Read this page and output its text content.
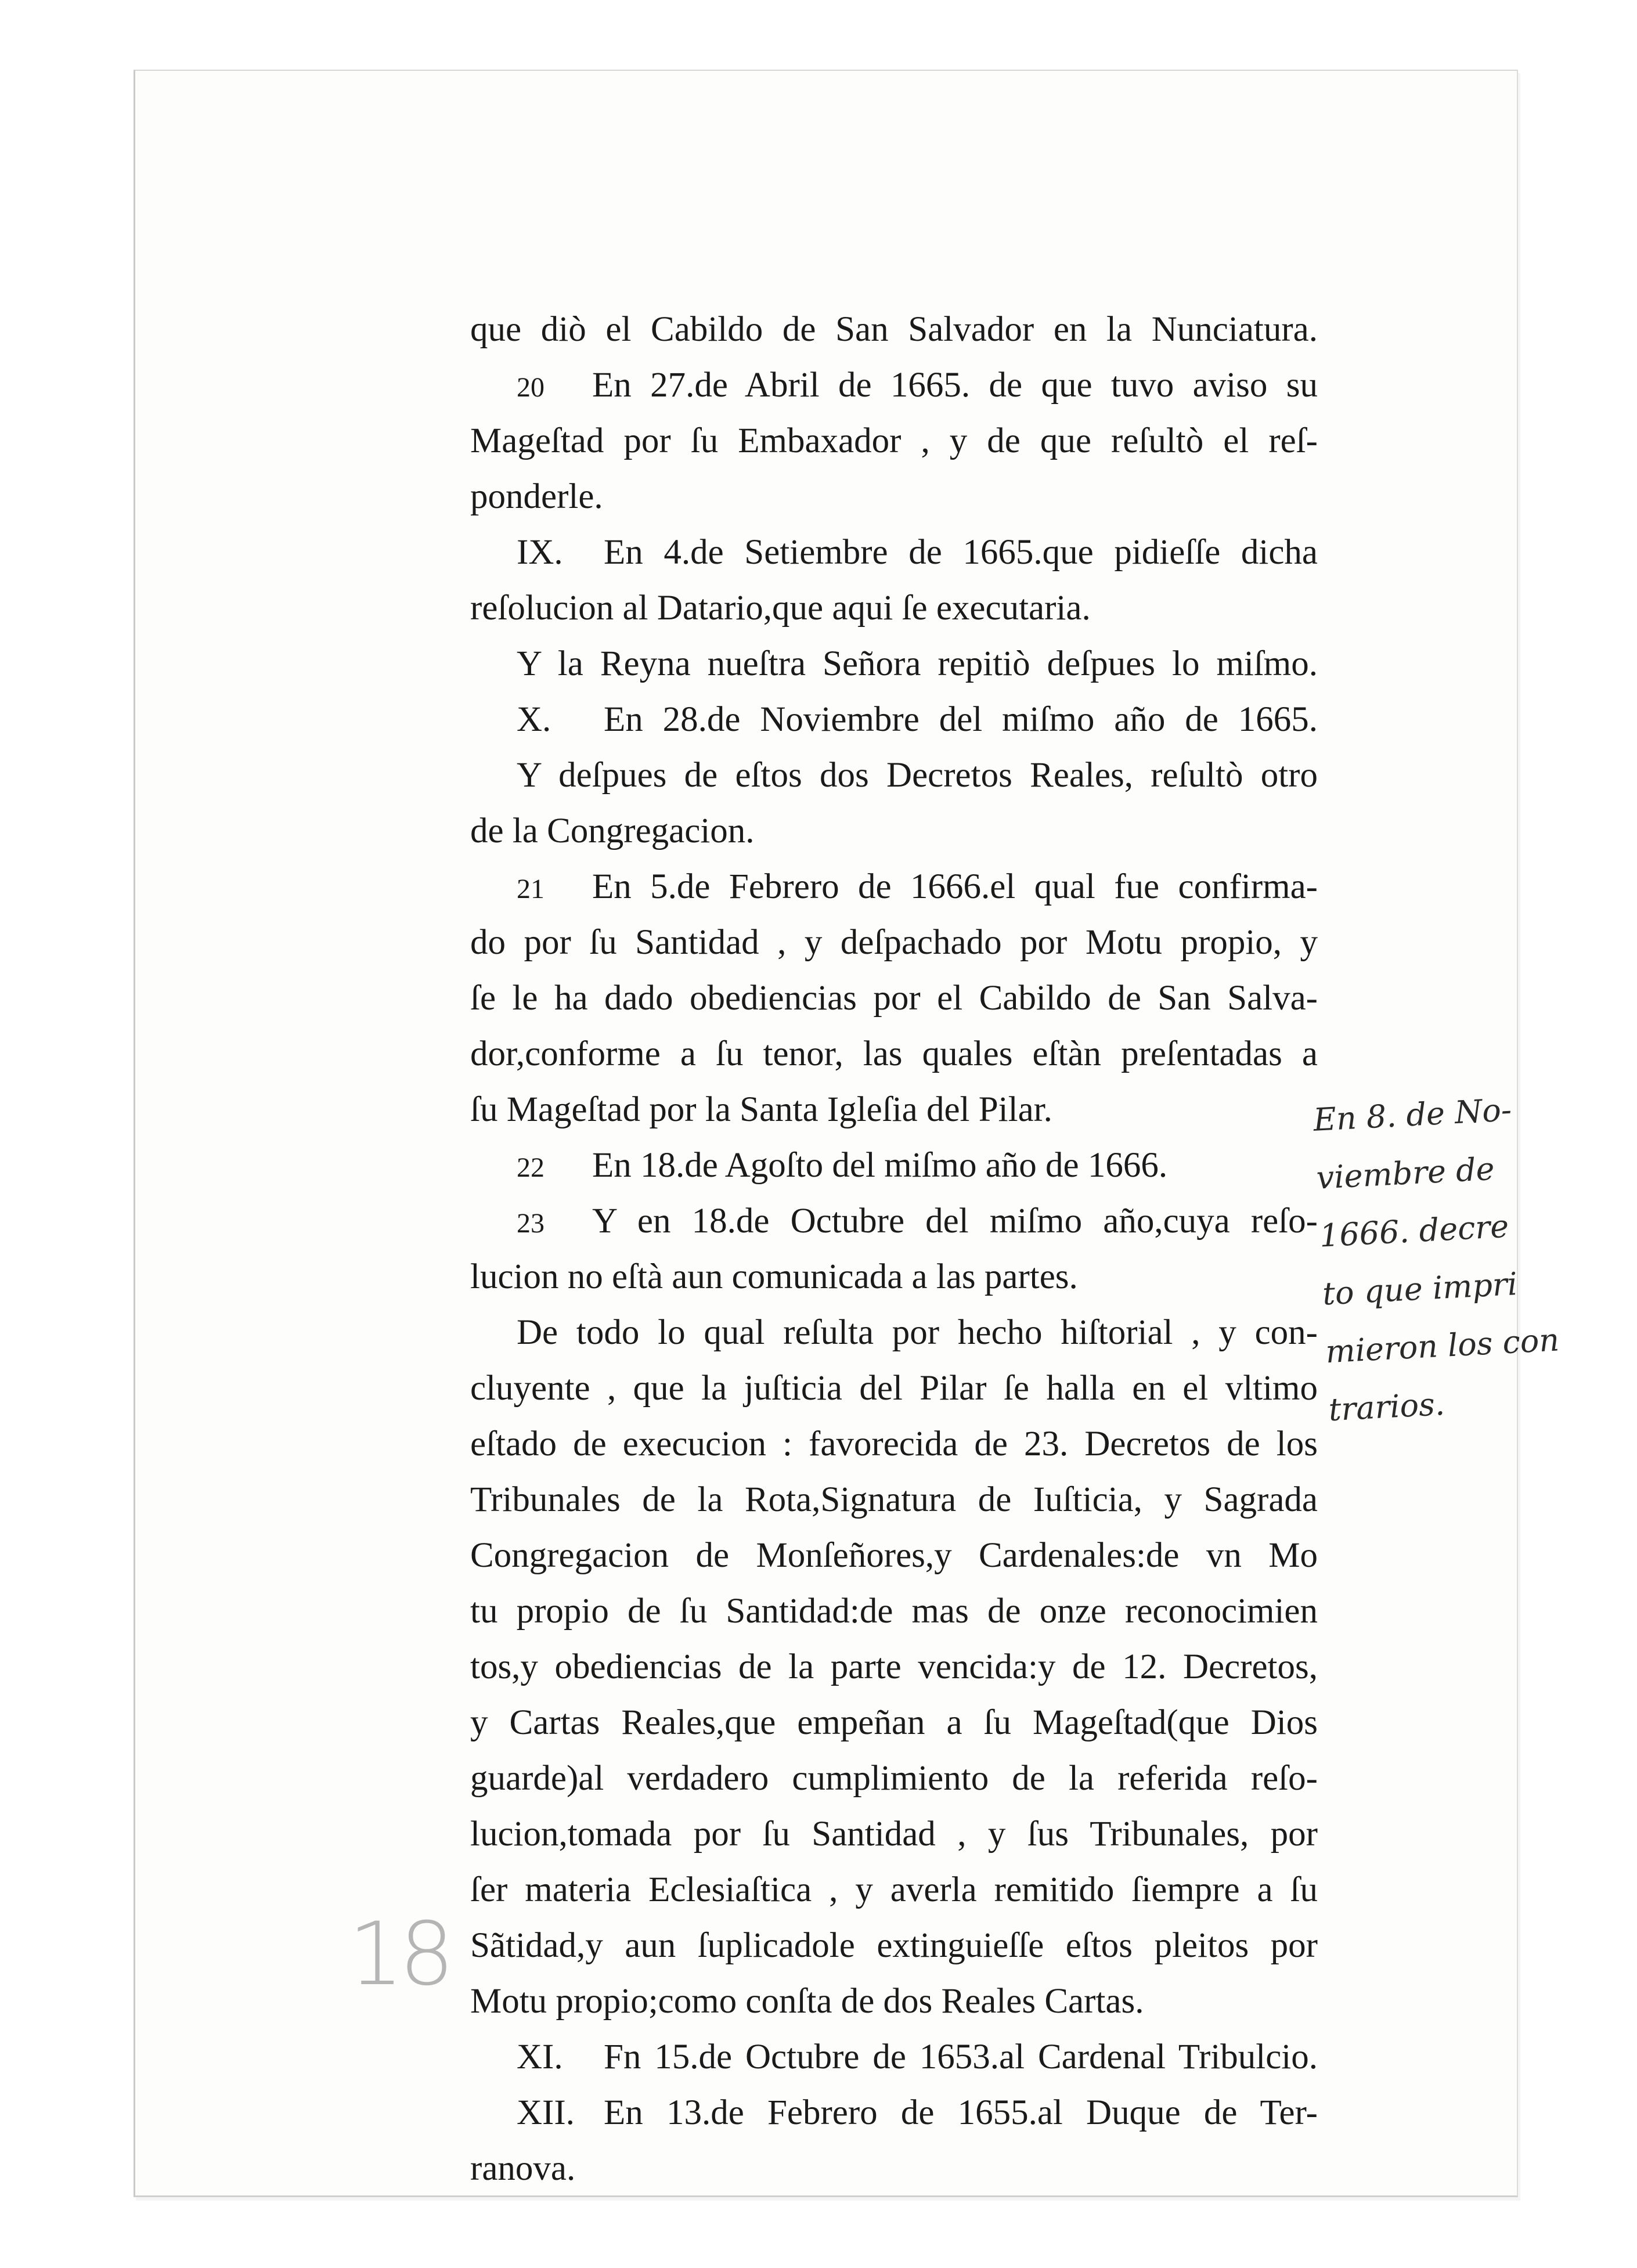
que diò el Cabildo de San Salvador en la Nunciatura.
20 En 27.de Abril de 1665. de que tuvo aviso su
Mageſtad por ſu Embaxador , y de que reſultò el reſ-
ponderle.
IX. En 4.de Setiembre de 1665.que pidieſſe dicha
reſolucion al Datario,que aqui ſe executaria.
Y la Reyna nueſtra Señora repitiò deſpues lo miſmo.
X. En 28.de Noviembre del miſmo año de 1665.
Y deſpues de eſtos dos Decretos Reales, reſultò otro
de la Congregacion.
21 En 5.de Febrero de 1666.el qual fue confirma-
do por ſu Santidad , y deſpachado por Motu propio, y
ſe le ha dado obediencias por el Cabildo de San Salva-
dor,conforme a ſu tenor, las quales eſtàn preſentadas a
ſu Mageſtad por la Santa Igleſia del Pilar.
22 En 18.de Agoſto del miſmo año de 1666.
23 Y en 18.de Octubre del miſmo año,cuya reſo-
lucion no eſtà aun comunicada a las partes.
De todo lo qual reſulta por hecho hiſtorial , y con-
cluyente , que la juſticia del Pilar ſe halla en el vltimo
eſtado de execucion : favorecida de 23. Decretos de los
Tribunales de la Rota,Signatura de Iuſticia, y Sagrada
Congregacion de Monſeñores,y Cardenales:de vn Mo
tu propio de ſu Santidad:de mas de onze reconocimien
tos,y obediencias de la parte vencida:y de 12. Decretos,
y Cartas Reales,que empeñan a ſu Mageſtad(que Dios
guarde)al verdadero cumplimiento de la referida reſo-
lucion,tomada por ſu Santidad , y ſus Tribunales, por
ſer materia Eclesiaſtica , y averla remitido ſiempre a ſu
Sãtidad,y aun ſuplicadole extinguieſſe eſtos pleitos por
Motu propio;como conſta de dos Reales Cartas.
XI. Fn 15.de Octubre de 1653.al Cardenal Tribulcio.
XII. En 13.de Febrero de 1655.al Duque de Ter-
ranova.
En 8. de No-
viembre de
1666. decre
to que impri
mieron los con
trarios.
18
